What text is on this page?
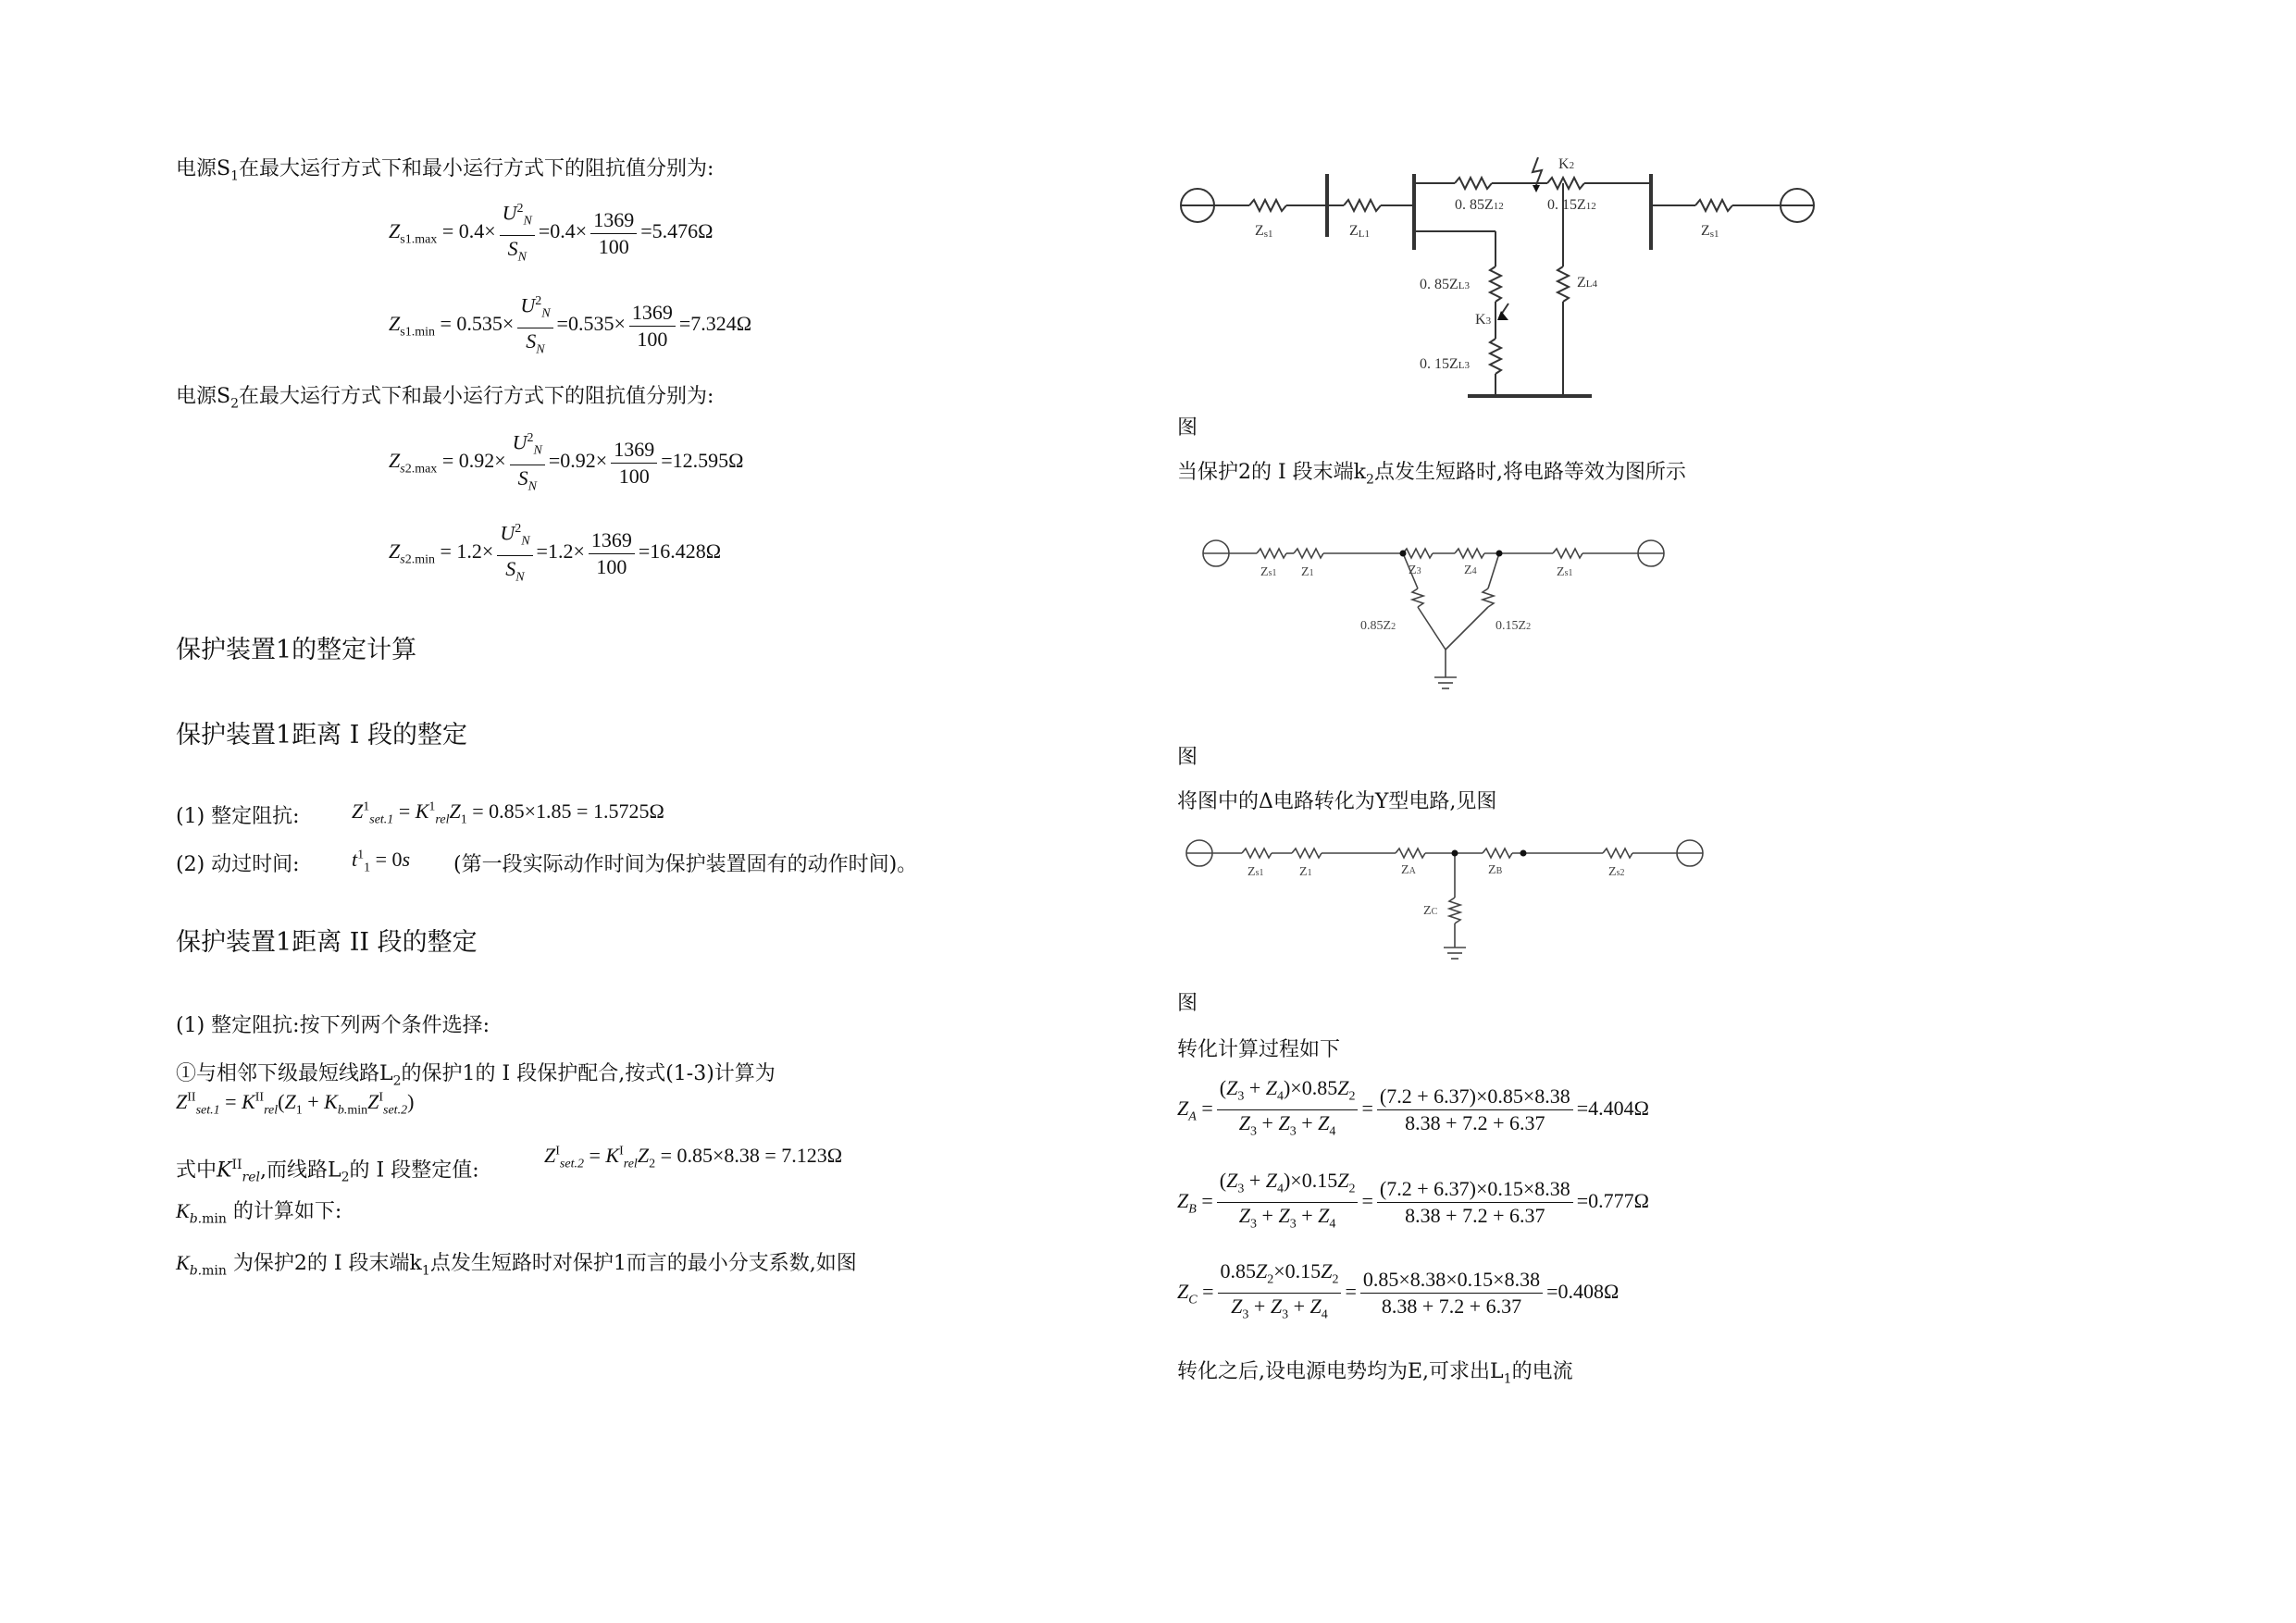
电源$S_1$在最大运行方式下和最小运行方式下的阻抗值分别为:
$Z_{s1.max} = 0.4\times \frac{U^2_N}{S_N} =0.4\times \frac{1369}{100} =5.476\Omega$
$Z_{s1.min} = 0.535\times \frac{U^2_N}{S_N} =0.535\times \frac{1369}{100} =7.324\Omega$
电源$S_2$在最大运行方式下和最小运行方式下的阻抗值分别为:
$Z_{s2.max} = 0.92\times \frac{U^2_N}{S_N} =0.92\times \frac{1369}{100} =12.595\Omega$
$Z_{s2.min} = 1.2\times \frac{U^2_N}{S_N} =1.2\times \frac{1369}{100} =16.428\Omega$
保护装置1的整定计算
保护装置1距离 I 段的整定
(1) 整定阻抗:	$Z^1_{set.1} = K^1_{rel}Z_1 = 0.85\times 1.85 = 1.5725\Omega$
(2) 动过时间:	$t^1_1 = 0s$ (第一段实际动作时间为保护装置固有的动作时间)。
保护装置1距离 II 段的整定
(1) 整定阻抗:按下列两个条件选择:
①与相邻下级最短线路$L_2$的保护1的 I 段保护配合,按式(1-3)计算为
$Z^{II}_{set.1} = K^{II}_{rel}(Z_1 + K_{b.min}Z^I_{set.2})$
式中$K^{II}_{rel}$,而线路$L_2$的 I 段整定值:
$Z^I_{set.2} = K^I_{rel}Z_2 = 0.85\times 8.38 = 7.123\Omega$
$K_{b.min}$ 的计算如下:
$K_{b.min}$ 为保护2的 I 段末端$k_1$点发生短路时对保护1而言的最小分支系数,如图
Zs1	ZL1
0. 85Z12	0. 15Z12
Zs1
0. 85ZL3
K3
0. 15ZL3
ZL4
K2
图
当保护2的 I 段末端$k_2$点发生短路时,将电路等效为图所示
Zs1 Z1	Z3	Z4	Zs1
0.85Z2	0.15Z2
图
将图中的Δ电路转化为Y型电路,见图
Zs1	Z1	ZA	ZB	Zs2
ZC
图
转化计算过程如下
$Z_A = \frac{(Z_3 + Z_4)\times 0.85Z_2}{Z_3 + Z_3 + Z_4} = \frac{(7.2 + 6.37)\times 0.85\times 8.38}{8.38 + 7.2 + 6.37} =4.404\Omega$
$Z_B = \frac{(Z_3 + Z_4)\times 0.15Z_2}{Z_3 + Z_3 + Z_4} = \frac{(7.2 + 6.37)\times 0.15\times 8.38}{8.38 + 7.2 + 6.37} =0.777\Omega$
$Z_C = \frac{0.85Z_2\times 0.15Z_2}{Z_3 + Z_3 + Z_4} = \frac{0.85\times 8.38\times 0.15\times 8.38}{8.38 + 7.2 + 6.37} =0.408\Omega$
转化之后,设电源电势均为E,可求出$L_1$的电流
